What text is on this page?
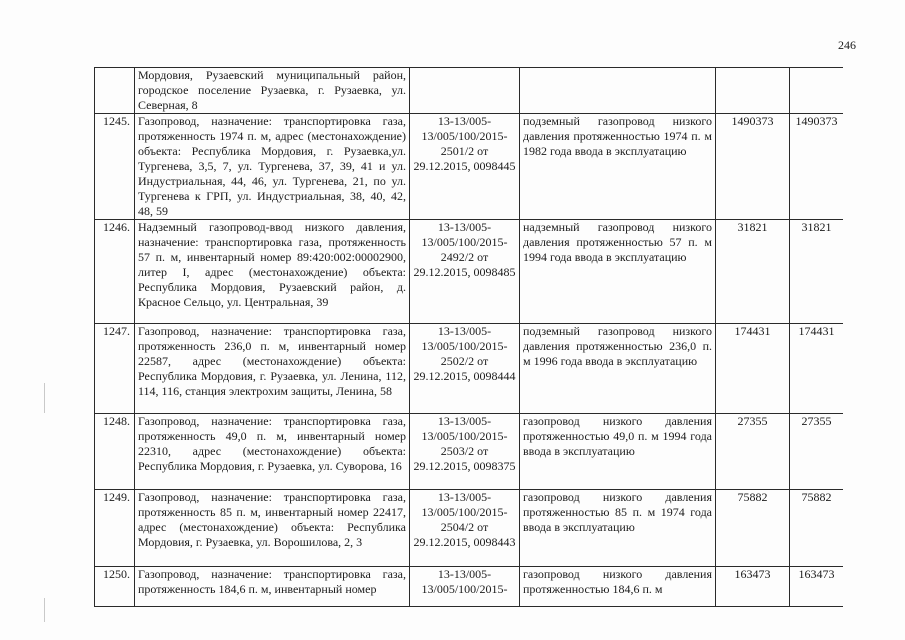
246
	Мордовия, Рузаевский муниципальный район, городское поселение Рузаевка, г. Рузаевка, ул. Северная, 8				
1245.	Газопровод, назначение: транспортировка газа, протяженность 1974 п. м, адрес (местонахождение) объекта: Республика Мордовия, г. Рузаевка,ул. Тургенева, 3,5, 7, ул. Тургенева, 37, 39, 41 и ул. Индустриальная, 44, 46, ул. Тургенева, 21, по ул. Тургенева к ГРП, ул. Индустриальная, 38, 40, 42, 48, 59	13-13/005-13/005/100/2015-2501/2 от 29.12.2015, 0098445	подземный газопровод низкого давления протяженностью 1974 п. м 1982 года ввода в эксплуатацию	1490373	1490373
1246.	Надземный газопровод-ввод низкого давления, назначение: транспортировка газа, протяженность 57 п. м, инвентарный номер 89:420:002:00002900, литер I, адрес (местонахождение) объекта: Республика Мордовия, Рузаевский район, д. Красное Сельцо, ул. Центральная, 39	13-13/005-13/005/100/2015-2492/2 от 29.12.2015, 0098485	надземный газопровод низкого давления протяженностью 57 п. м 1994 года ввода в эксплуатацию	31821	31821
1247.	Газопровод, назначение: транспортировка газа, протяженность 236,0 п. м, инвентарный номер 22587, адрес (местонахождение) объекта: Республика Мордовия, г. Рузаевка, ул. Ленина, 112, 114, 116, станция электрохим защиты, Ленина, 58	13-13/005-13/005/100/2015-2502/2 от 29.12.2015, 0098444	подземный газопровод низкого давления протяженностью 236,0 п. м 1996 года ввода в эксплуатацию	174431	174431
1248.	Газопровод, назначение: транспортировка газа, протяженность 49,0 п. м, инвентарный номер 22310, адрес (местонахождение) объекта: Республика Мордовия, г. Рузаевка, ул. Суворова, 16	13-13/005-13/005/100/2015-2503/2 от 29.12.2015, 0098375	газопровод низкого давления протяженностью 49,0 п. м 1994 года ввода в эксплуатацию	27355	27355
1249.	Газопровод, назначение: транспортировка газа, протяженность 85 п. м, инвентарный номер 22417, адрес (местонахождение) объекта: Республика Мордовия, г. Рузаевка, ул. Ворошилова, 2, 3	13-13/005-13/005/100/2015-2504/2 от 29.12.2015, 0098443	газопровод низкого давления протяженностью 85 п. м 1974 года ввода в эксплуатацию	75882	75882
1250.	Газопровод, назначение: транспортировка газа, протяженность 184,6 п. м, инвентарный номер	13-13/005-13/005/100/2015-	газопровод низкого давления протяженностью 184,6 п. м	163473	163473
